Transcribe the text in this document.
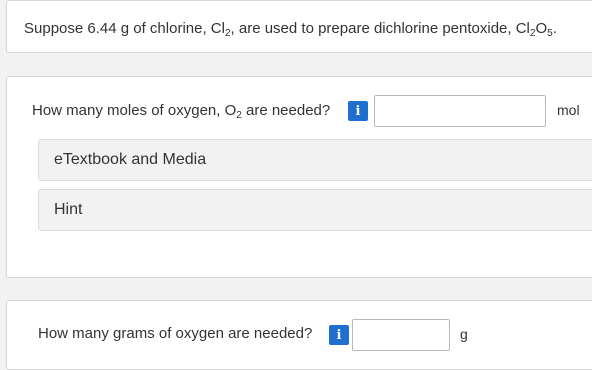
Suppose 6.44 g of chlorine, $Cl_2$, are used to prepare dichlorine pentoxide, $Cl_2O_5$.
How many moles of oxygen, $O_2$ are needed? i	mol
eTextbook and Media
Hint
How many grams of oxygen are needed? i	g
